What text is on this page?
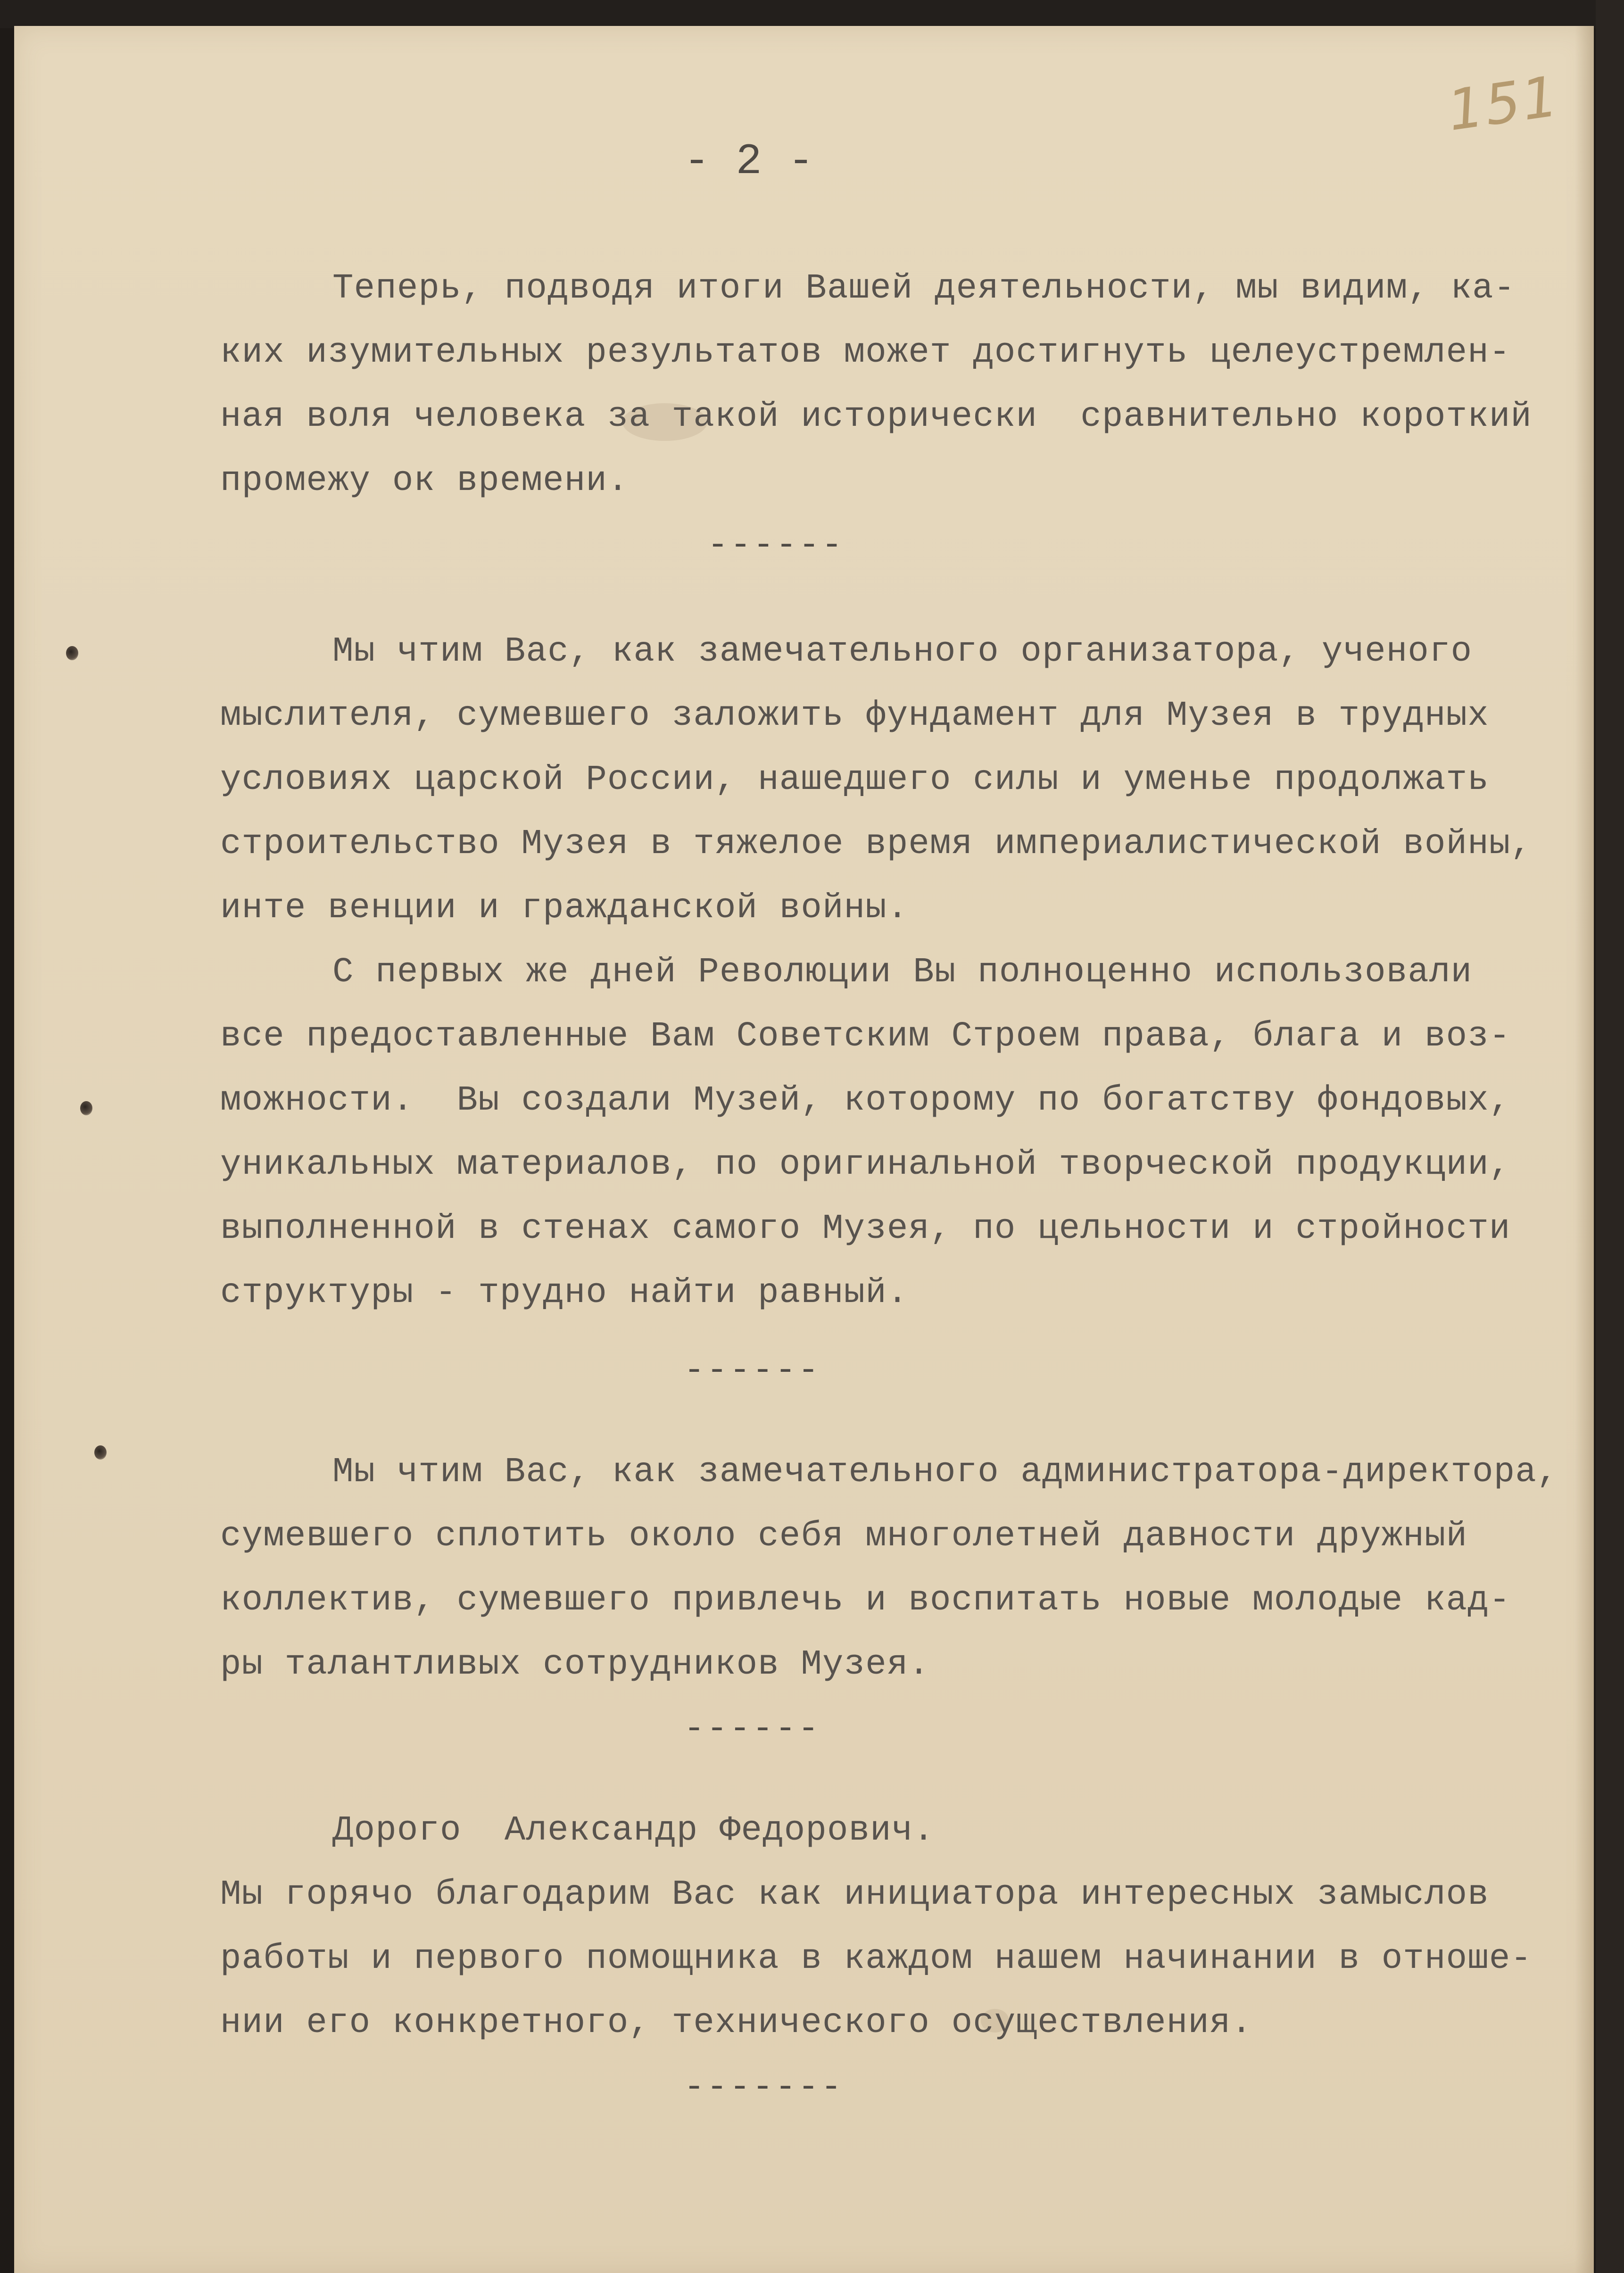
151
- 2 -
Теперь, подводя итоги Вашей деятельности, мы видим, ка-
ких изумительных результатов может достигнуть целеустремлен-
ная воля человека за такой исторически  сравнительно короткий
промежу ок времени.
------
Мы чтим Вас, как замечательного организатора, ученого
мыслителя, сумевшего заложить фундамент для Музея в трудных
условиях царской России, нашедшего силы и уменье продолжать
строительство Музея в тяжелое время империалистической войны,
инте венции и гражданской войны.
С первых же дней Революции Вы полноценно использовали
все предоставленные Вам Советским Строем права, блага и воз-
можности.  Вы создали Музей, которому по богатству фондовых,
уникальных материалов, по оригинальной творческой продукции,
выполненной в стенах самого Музея, по цельности и стройности
структуры - трудно найти равный.
------
Мы чтим Вас, как замечательного администратора-директора,
сумевшего сплотить около себя многолетней давности дружный
коллектив, сумевшего привлечь и воспитать новые молодые кад-
ры талантливых сотрудников Музея.
------
Дорого  Александр Федорович.
Мы горячо благодарим Вас как инициатора интересных замыслов
работы и первого помощника в каждом нашем начинании в отноше-
нии его конкретного, технического осуществления.
-------
